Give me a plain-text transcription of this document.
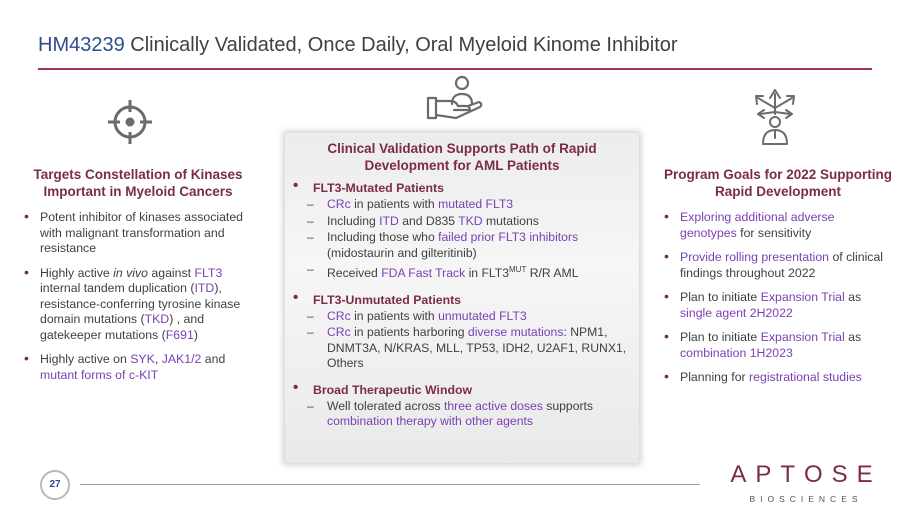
HM43239 Clinically Validated, Once Daily, Oral Myeloid Kinome Inhibitor
Targets Constellation of Kinases Important in Myeloid Cancers
• Potent inhibitor of kinases associated with malignant transformation and resistance
• Highly active in vivo against FLT3 internal tandem duplication (ITD), resistance-conferring tyrosine kinase domain mutations (TKD) , and gatekeeper mutations (F691)
• Highly active on SYK, JAK1/2 and mutant forms of c-KIT
Clinical Validation Supports Path of Rapid Development for AML Patients
• FLT3-Mutated Patients
– CRc in patients with mutated FLT3
– Including ITD and D835 TKD mutations
– Including those who failed prior FLT3 inhibitors (midostaurin and gilteritinib)
– Received FDA Fast Track in $FLT3^{MUT}$ R/R AML
• FLT3-Unmutated Patients
– CRc in patients with unmutated FLT3
– CRc in patients harboring diverse mutations: NPM1, DNMT3A, N/KRAS, MLL, TP53, IDH2, U2AF1, RUNX1, Others
• Broad Therapeutic Window
– Well tolerated across three active doses supports combination therapy with other agents
Program Goals for 2022 Supporting Rapid Development
• Exploring additional adverse genotypes for sensitivity
• Provide rolling presentation of clinical findings throughout 2022
• Plan to initiate Expansion Trial as single agent 2H2022
• Plan to initiate Expansion Trial as combination 1H2023
• Planning for registrational studies
27	APTOSE
BIOSCIENCES
